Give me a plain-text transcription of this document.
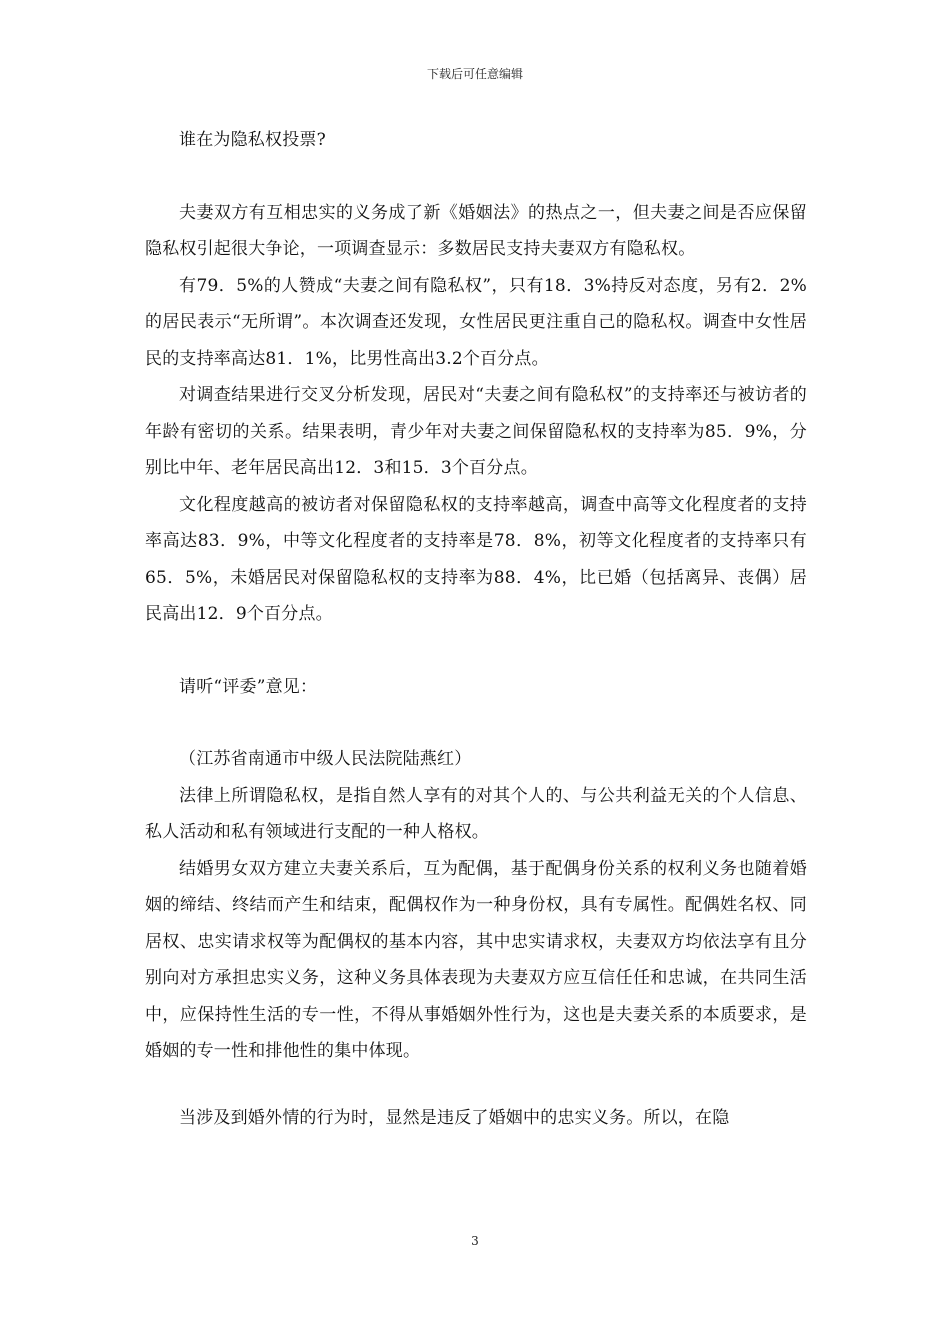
下载后可任意编辑

谁在为隐私权投票?

夫妻双方有互相忠实的义务成了新《婚姻法》的热点之一，但夫妻之间是否应保留隐私权引起很大争论，一项调查显示：多数居民支持夫妻双方有隐私权。

有79．5%的人赞成“夫妻之间有隐私权”，只有18．3%持反对态度，另有2．2%的居民表示“无所谓”。本次调查还发现，女性居民更注重自己的隐私权。调查中女性居民的支持率高达81．1%，比男性高出3.2个百分点。

对调查结果进行交叉分析发现，居民对“夫妻之间有隐私权”的支持率还与被访者的年龄有密切的关系。结果表明，青少年对夫妻之间保留隐私权的支持率为85．9%，分别比中年、老年居民高出12．3和15．3个百分点。

文化程度越高的被访者对保留隐私权的支持率越高，调查中高等文化程度者的支持率高达83．9%，中等文化程度者的支持率是78．8%，初等文化程度者的支持率只有65．5%，未婚居民对保留隐私权的支持率为88．4%，比已婚（包括离异、丧偶）居民高出12．9个百分点。

请听“评委”意见：

（江苏省南通市中级人民法院陆燕红）

法律上所谓隐私权，是指自然人享有的对其个人的、与公共利益无关的个人信息、私人活动和私有领域进行支配的一种人格权。

结婚男女双方建立夫妻关系后，互为配偶，基于配偶身份关系的权利义务也随着婚姻的缔结、终结而产生和结束，配偶权作为一种身份权，具有专属性。配偶姓名权、同居权、忠实请求权等为配偶权的基本内容，其中忠实请求权，夫妻双方均依法享有且分别向对方承担忠实义务，这种义务具体表现为夫妻双方应互信任任和忠诚，在共同生活中，应保持性生活的专一性，不得从事婚姻外性行为，这也是夫妻关系的本质要求，是婚姻的专一性和排他性的集中体现。

当涉及到婚外情的行为时，显然是违反了婚姻中的忠实义务。所以，在隐

3
